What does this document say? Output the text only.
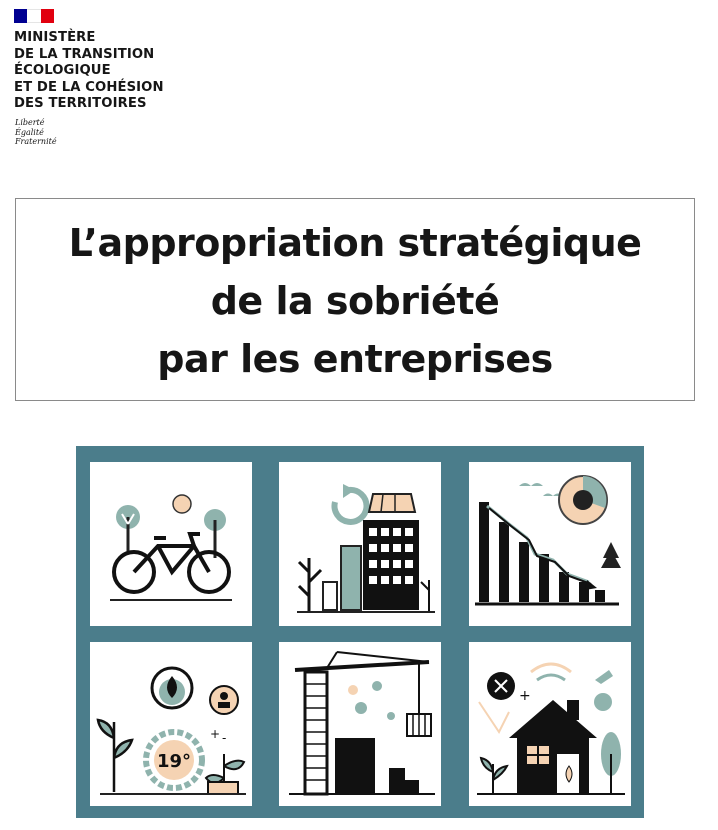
MINISTÈRE
DE LA TRANSITION
ÉCOLOGIQUE
ET DE LA COHÉSION
DES TERRITOIRES
Liberté
Égalité
Fraternité
L’appropriation stratégique
de la sobriété
par les entreprises
19°
+ -
+
